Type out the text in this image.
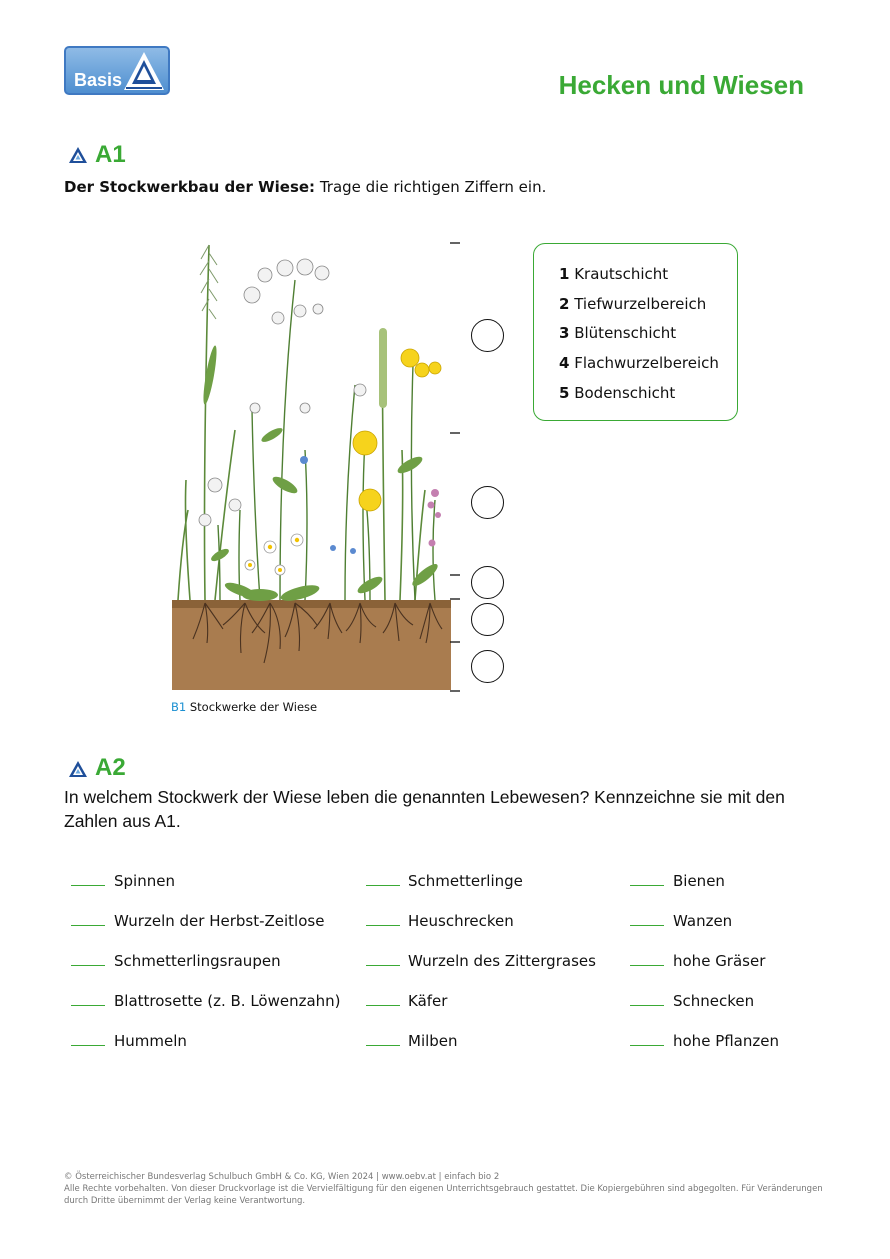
Basis	Hecken und Wiesen
A1
Der Stockwerkbau der Wiese: Trage die richtigen Ziffern ein.
1 Krautschicht
2 Tiefwurzelbereich
3 Blütenschicht
4 Flachwurzelbereich
5 Bodenschicht
B1 Stockwerke der Wiese
A2
In welchem Stockwerk der Wiese leben die genannten Lebewesen? Kennzeichne sie mit den Zahlen aus A1.
Spinnen
Wurzeln der Herbst-Zeitlose
Schmetterlingsraupen
Blattrosette (z. B. Löwenzahn)
Hummeln
Schmetterlinge
Heuschrecken
Wurzeln des Zittergrases
Käfer
Milben
Bienen
Wanzen
hohe Gräser
Schnecken
hohe Pflanzen
© Österreichischer Bundesverlag Schulbuch GmbH & Co. KG, Wien 2024 | www.oebv.at | einfach bio 2
Alle Rechte vorbehalten. Von dieser Druckvorlage ist die Vervielfältigung für den eigenen Unterrichtsgebrauch gestattet. Die Kopiergebühren sind abgegolten. Für Veränderungen durch Dritte übernimmt der Verlag keine Verantwortung.
